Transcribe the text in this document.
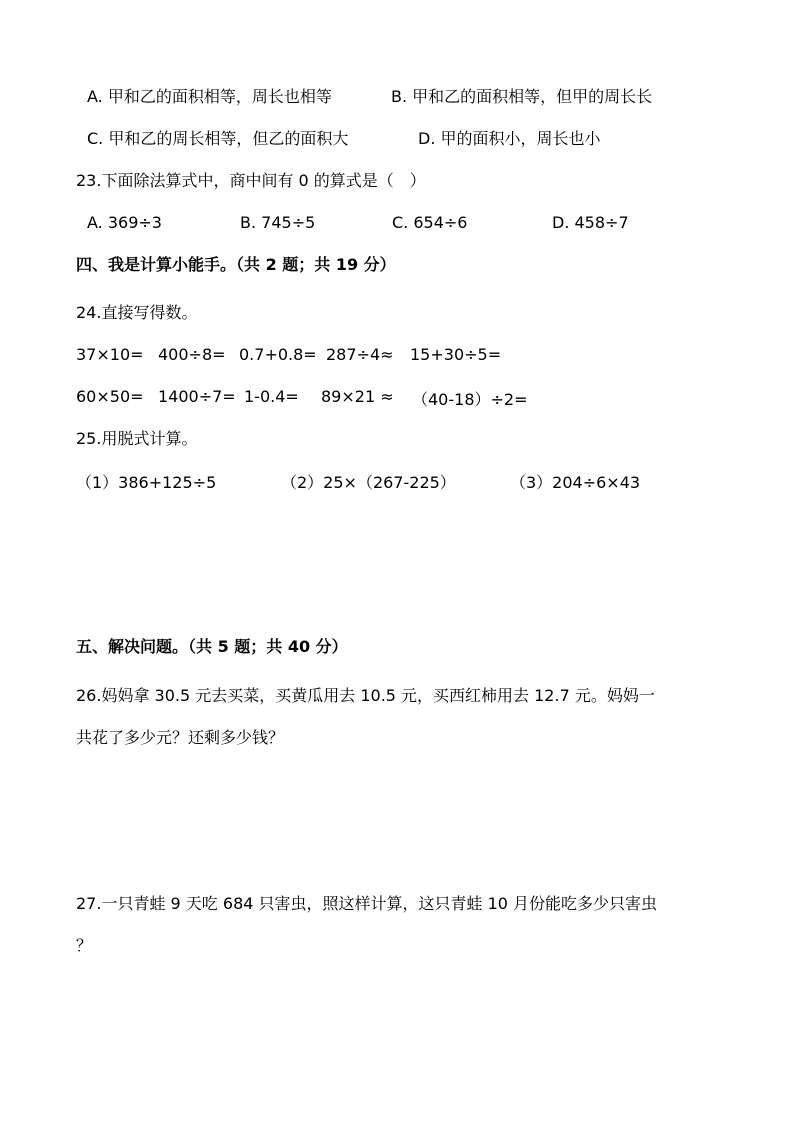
A. 甲和乙的面积相等，周长也相等	B. 甲和乙的面积相等，但甲的周长长
C. 甲和乙的周长相等，但乙的面积大	D. 甲的面积小，周长也小
23.下面除法算式中，商中间有 0 的算式是（　）
A. 369÷3	B. 745÷5	C. 654÷6	D. 458÷7
四、我是计算小能手。（共 2 题；共 19 分）
24.直接写得数。
37×10= 400÷8= 0.7+0.8= 287÷4≈ 15+30÷5=
60×50= 1400÷7= 1-0.4= 89×21 ≈ （40-18）÷2=
25.用脱式计算。
（1）386+125÷5	（2）25×（267-225）	（3）204÷6×43
五、解决问题。（共 5 题；共 40 分）
26.妈妈拿 30.5 元去买菜，买黄瓜用去 10.5 元，买西红柿用去 12.7 元。妈妈一
共花了多少元？还剩多少钱？
27.一只青蛙 9 天吃 684 只害虫，照这样计算，这只青蛙 10 月份能吃多少只害虫
？
